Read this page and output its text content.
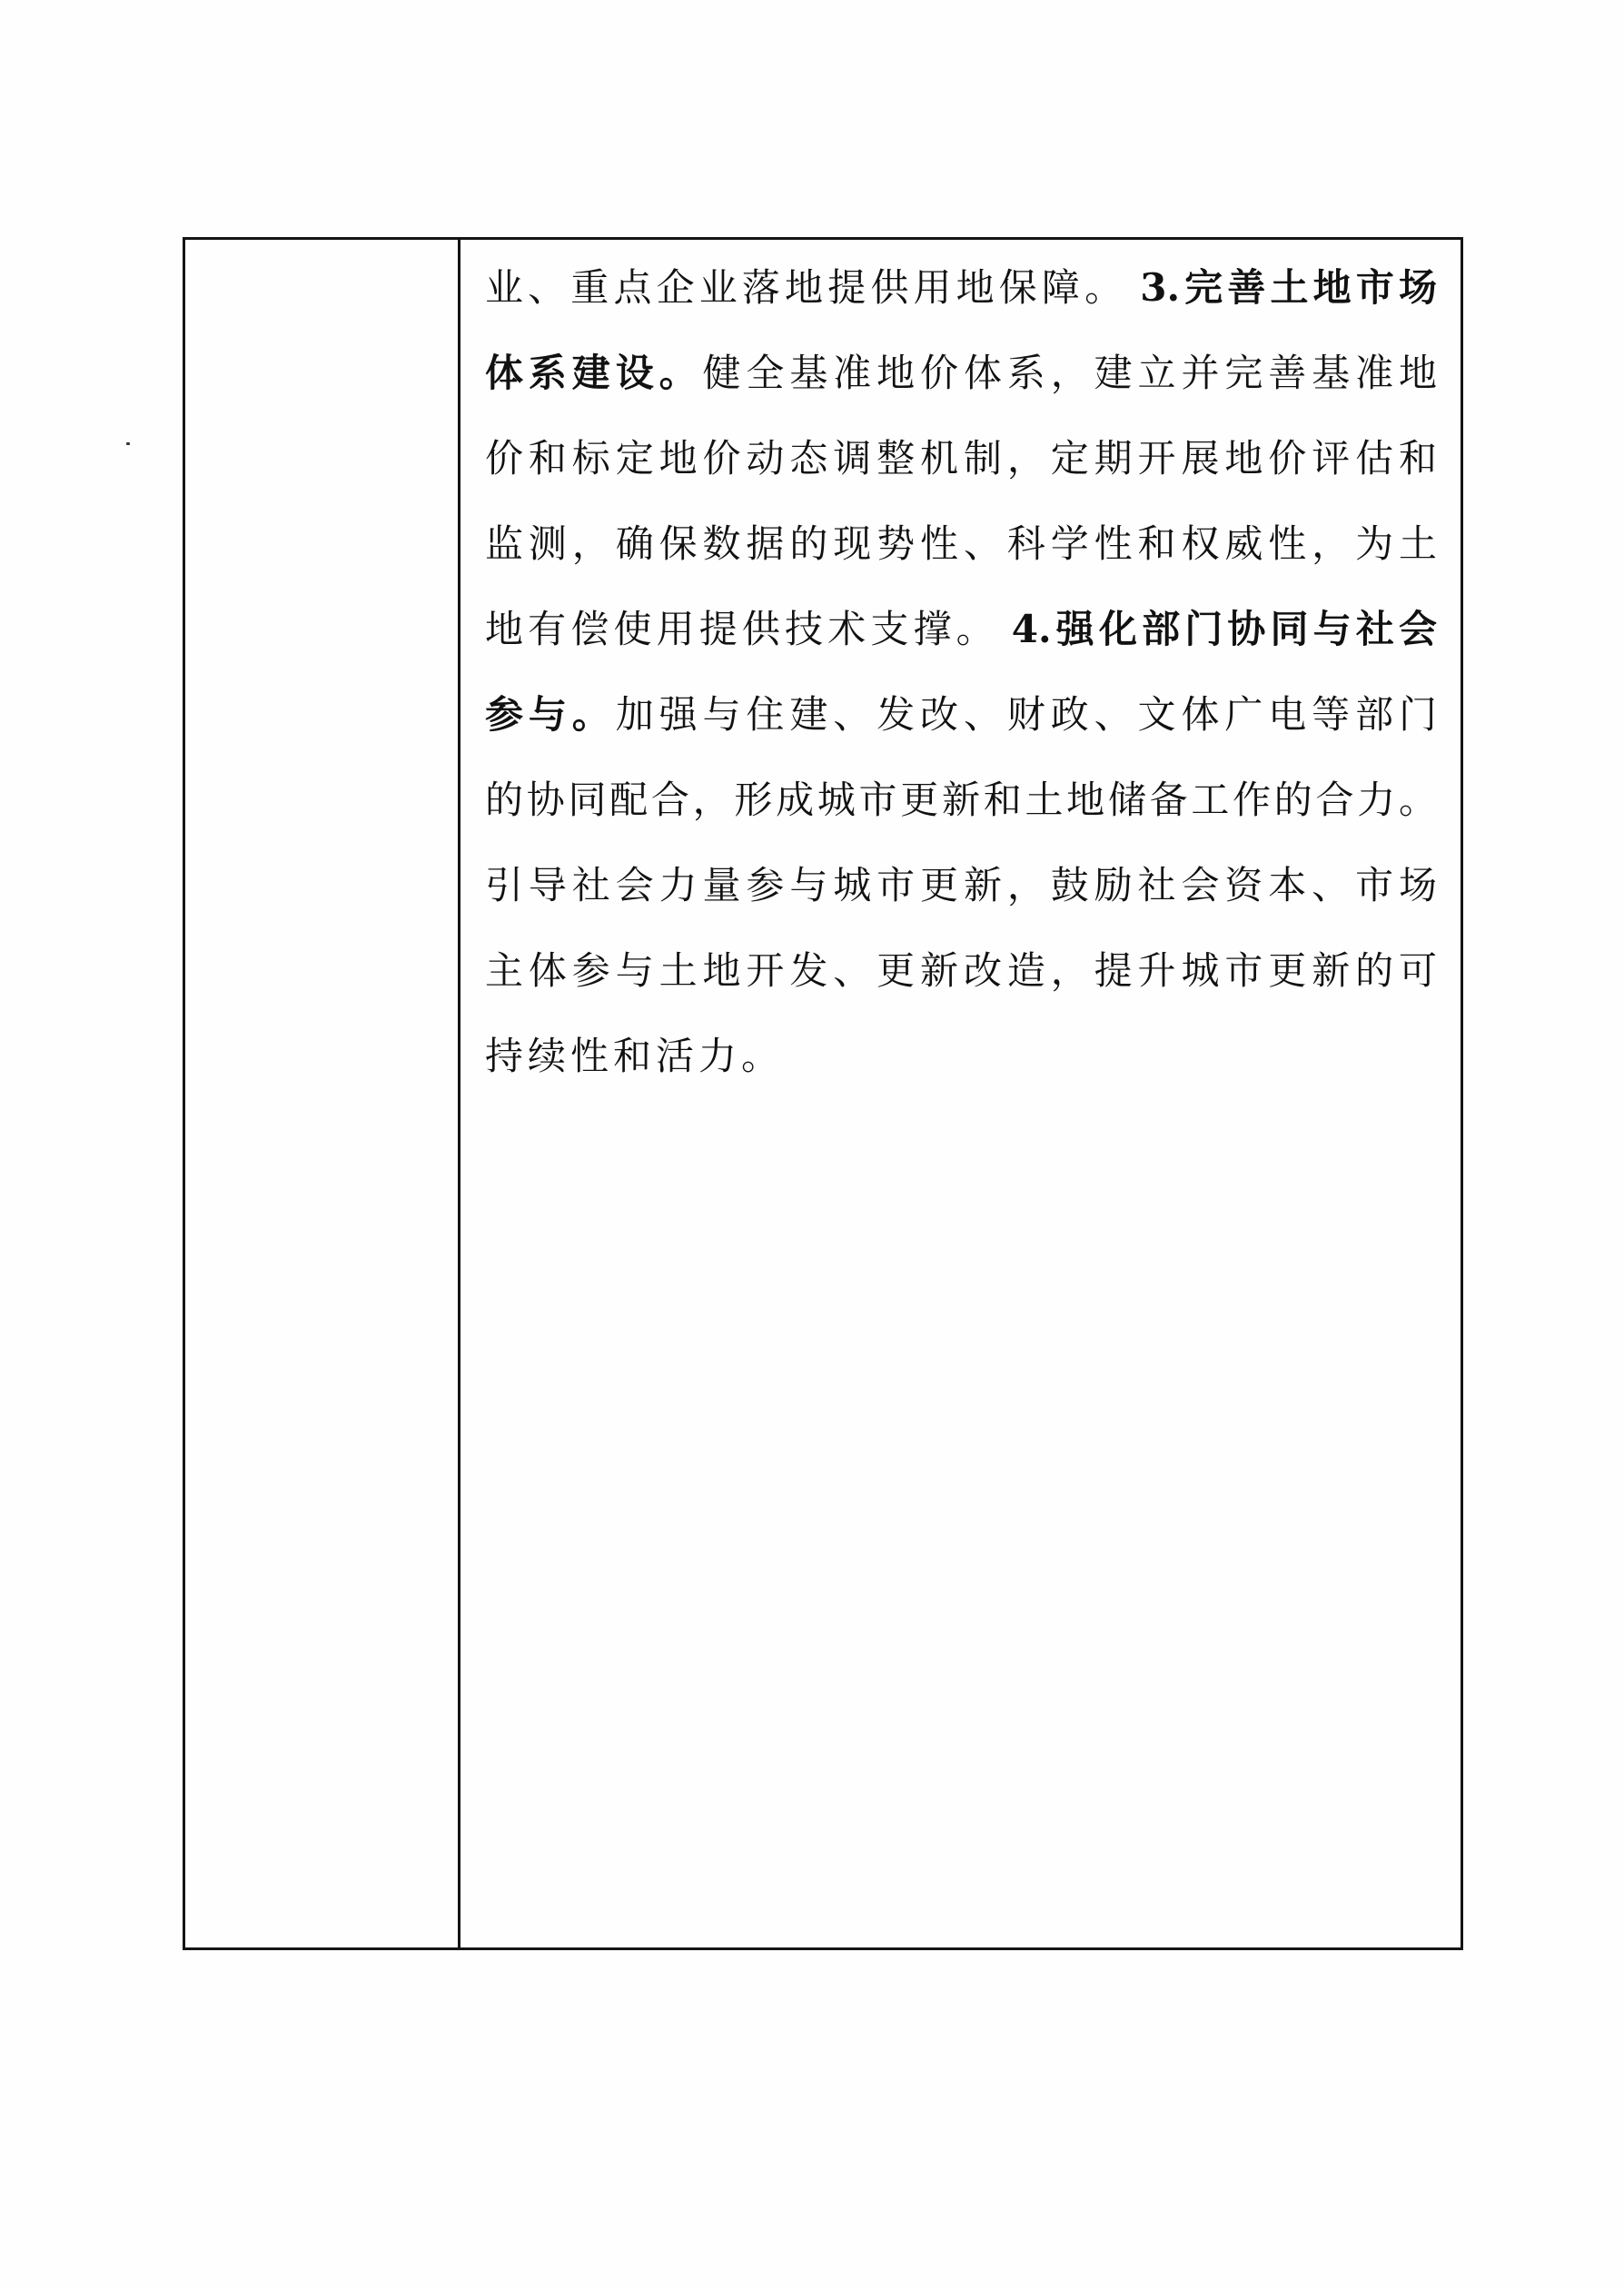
业、重点企业落地提供用地保障。 3.完善土地市场
体系建设。健全基准地价体系，建立并完善基准地
价和标定地价动态调整机制，定期开展地价评估和
监测，确保数据的现势性、科学性和权威性，为土
地有偿使用提供技术支撑。 4.强化部门协同与社会
参与。加强与住建、发改、财政、文体广电等部门
的协同配合，形成城市更新和土地储备工作的合力。
引导社会力量参与城市更新，鼓励社会资本、市场
主体参与土地开发、更新改造，提升城市更新的可
持续性和活力。
